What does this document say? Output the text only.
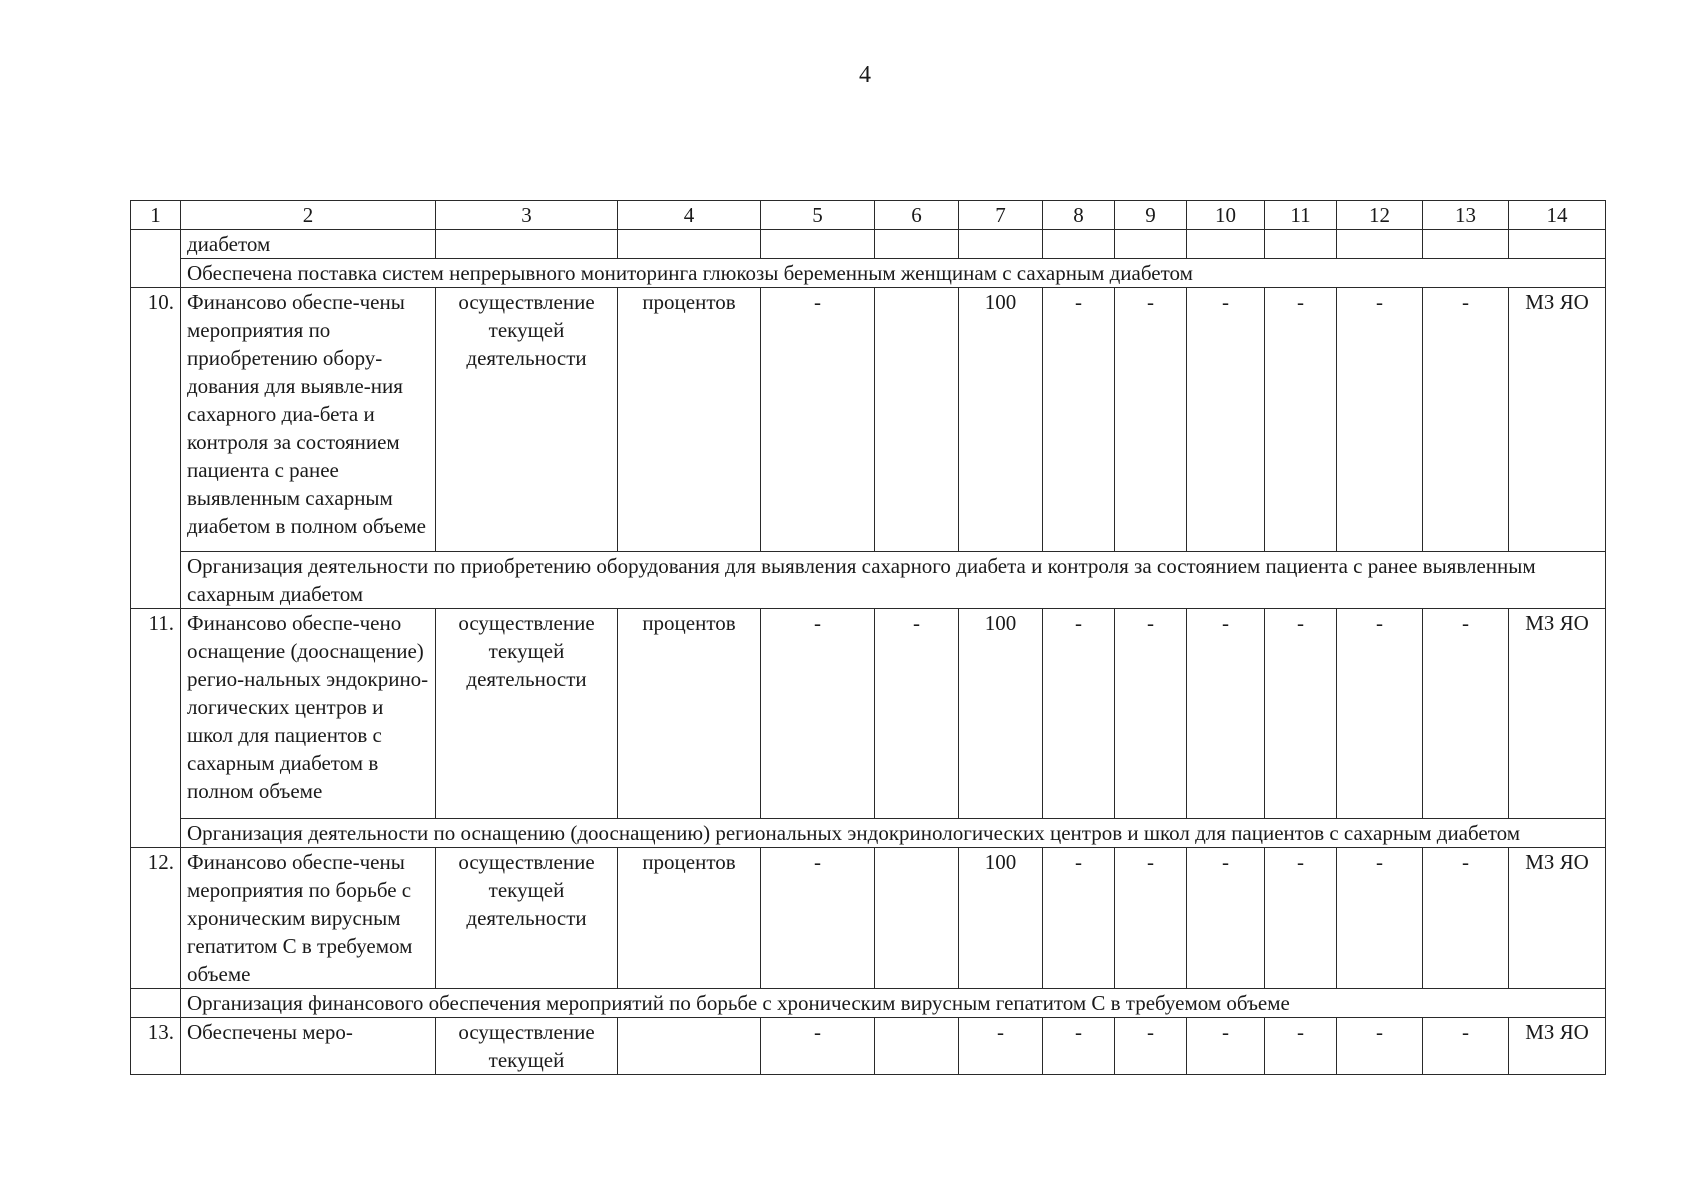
4
1	2	3	4	5	6	7	8	9	10	11	12	13	14
	диабетом												
	Обеспечена поставка систем непрерывного мониторинга глюкозы беременным женщинам с сахарным диабетом												
10.	Финансово обеспе-чены мероприятия по приобретению обору-дования для выявле-ния сахарного диа-бета и контроля за состоянием пациента с ранее выявленным сахарным диабетом в полном объеме	осуществление текущей деятельности	процентов	-		100	-	-	-	-	-	-	МЗ ЯО
	Организация деятельности по приобретению оборудования для выявления сахарного диабета и контроля за состоянием пациента с ранее выявленным сахарным диабетом												
11.	Финансово обеспе-чено оснащение (дооснащение) регио-нальных эндокрино-логических центров и школ для пациентов с сахарным диабетом в полном объеме	осуществление текущей деятельности	процентов	-	-	100	-	-	-	-	-	-	МЗ ЯО
	Организация деятельности по оснащению (дооснащению) региональных эндокринологических центров и школ для пациентов с сахарным диабетом												
12.	Финансово обеспе-чены мероприятия по борьбе с хроническим вирусным гепатитом С в требуемом объеме	осуществление текущей деятельности	процентов	-		100	-	-	-	-	-	-	МЗ ЯО
	Организация финансового обеспечения мероприятий по борьбе с хроническим вирусным гепатитом С в требуемом объеме												
13.	Обеспечены меро-	осуществление текущей		-		-	-	-	-	-	-	-	МЗ ЯО
